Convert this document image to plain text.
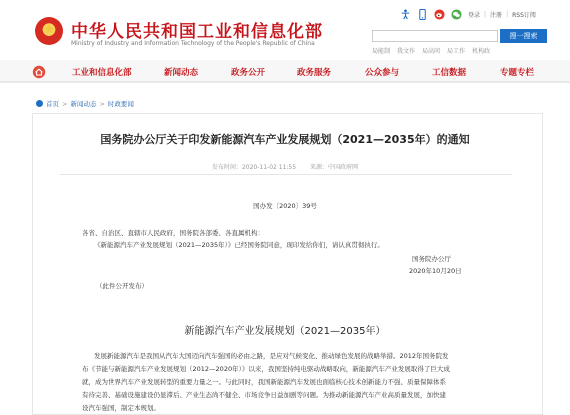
中华人民共和国工业和信息化部
Ministry of Industry and Information Technology of the People's Republic of China
登录 | 注册 | RSS订阅
搜一搜索
局能制 我文作 局高问 局工作 机构政
工业和信息化部	新闻动态	政务公开	政务服务	公众参与	工信数据	专题专栏
首页 > 新闻动态 > 时政要闻
国务院办公厅关于印发新能源汽车产业发展规划（2021—2035年）的通知
发布时间：2020-11-02 11:55 来源：中国政府网
国办发〔2020〕39号
各省、自治区、直辖市人民政府，国务院各部委、各直属机构：
《新能源汽车产业发展规划（2021—2035年）》已经国务院同意，现印发给你们，请认真贯彻执行。
国务院办公厅
2020年10月20日
（此件公开发布）
新能源汽车产业发展规划（2021—2035年）
发展新能源汽车是我国从汽车大国迈向汽车强国的必由之路，是应对气候变化、推动绿色发展的战略举措。2012年国务院发
布《节能与新能源汽车产业发展规划（2012—2020年）》以来，我国坚持纯电驱动战略取向，新能源汽车产业发展取得了巨大成
就，成为世界汽车产业发展转型的重要力量之一。与此同时，我国新能源汽车发展也面临核心技术创新能力不强、质量保障体系
有待完善、基础设施建设仍显滞后、产业生态尚不健全、市场竞争日益加剧等问题。为推动新能源汽车产业高质量发展，加快建
设汽车强国，制定本规划。
